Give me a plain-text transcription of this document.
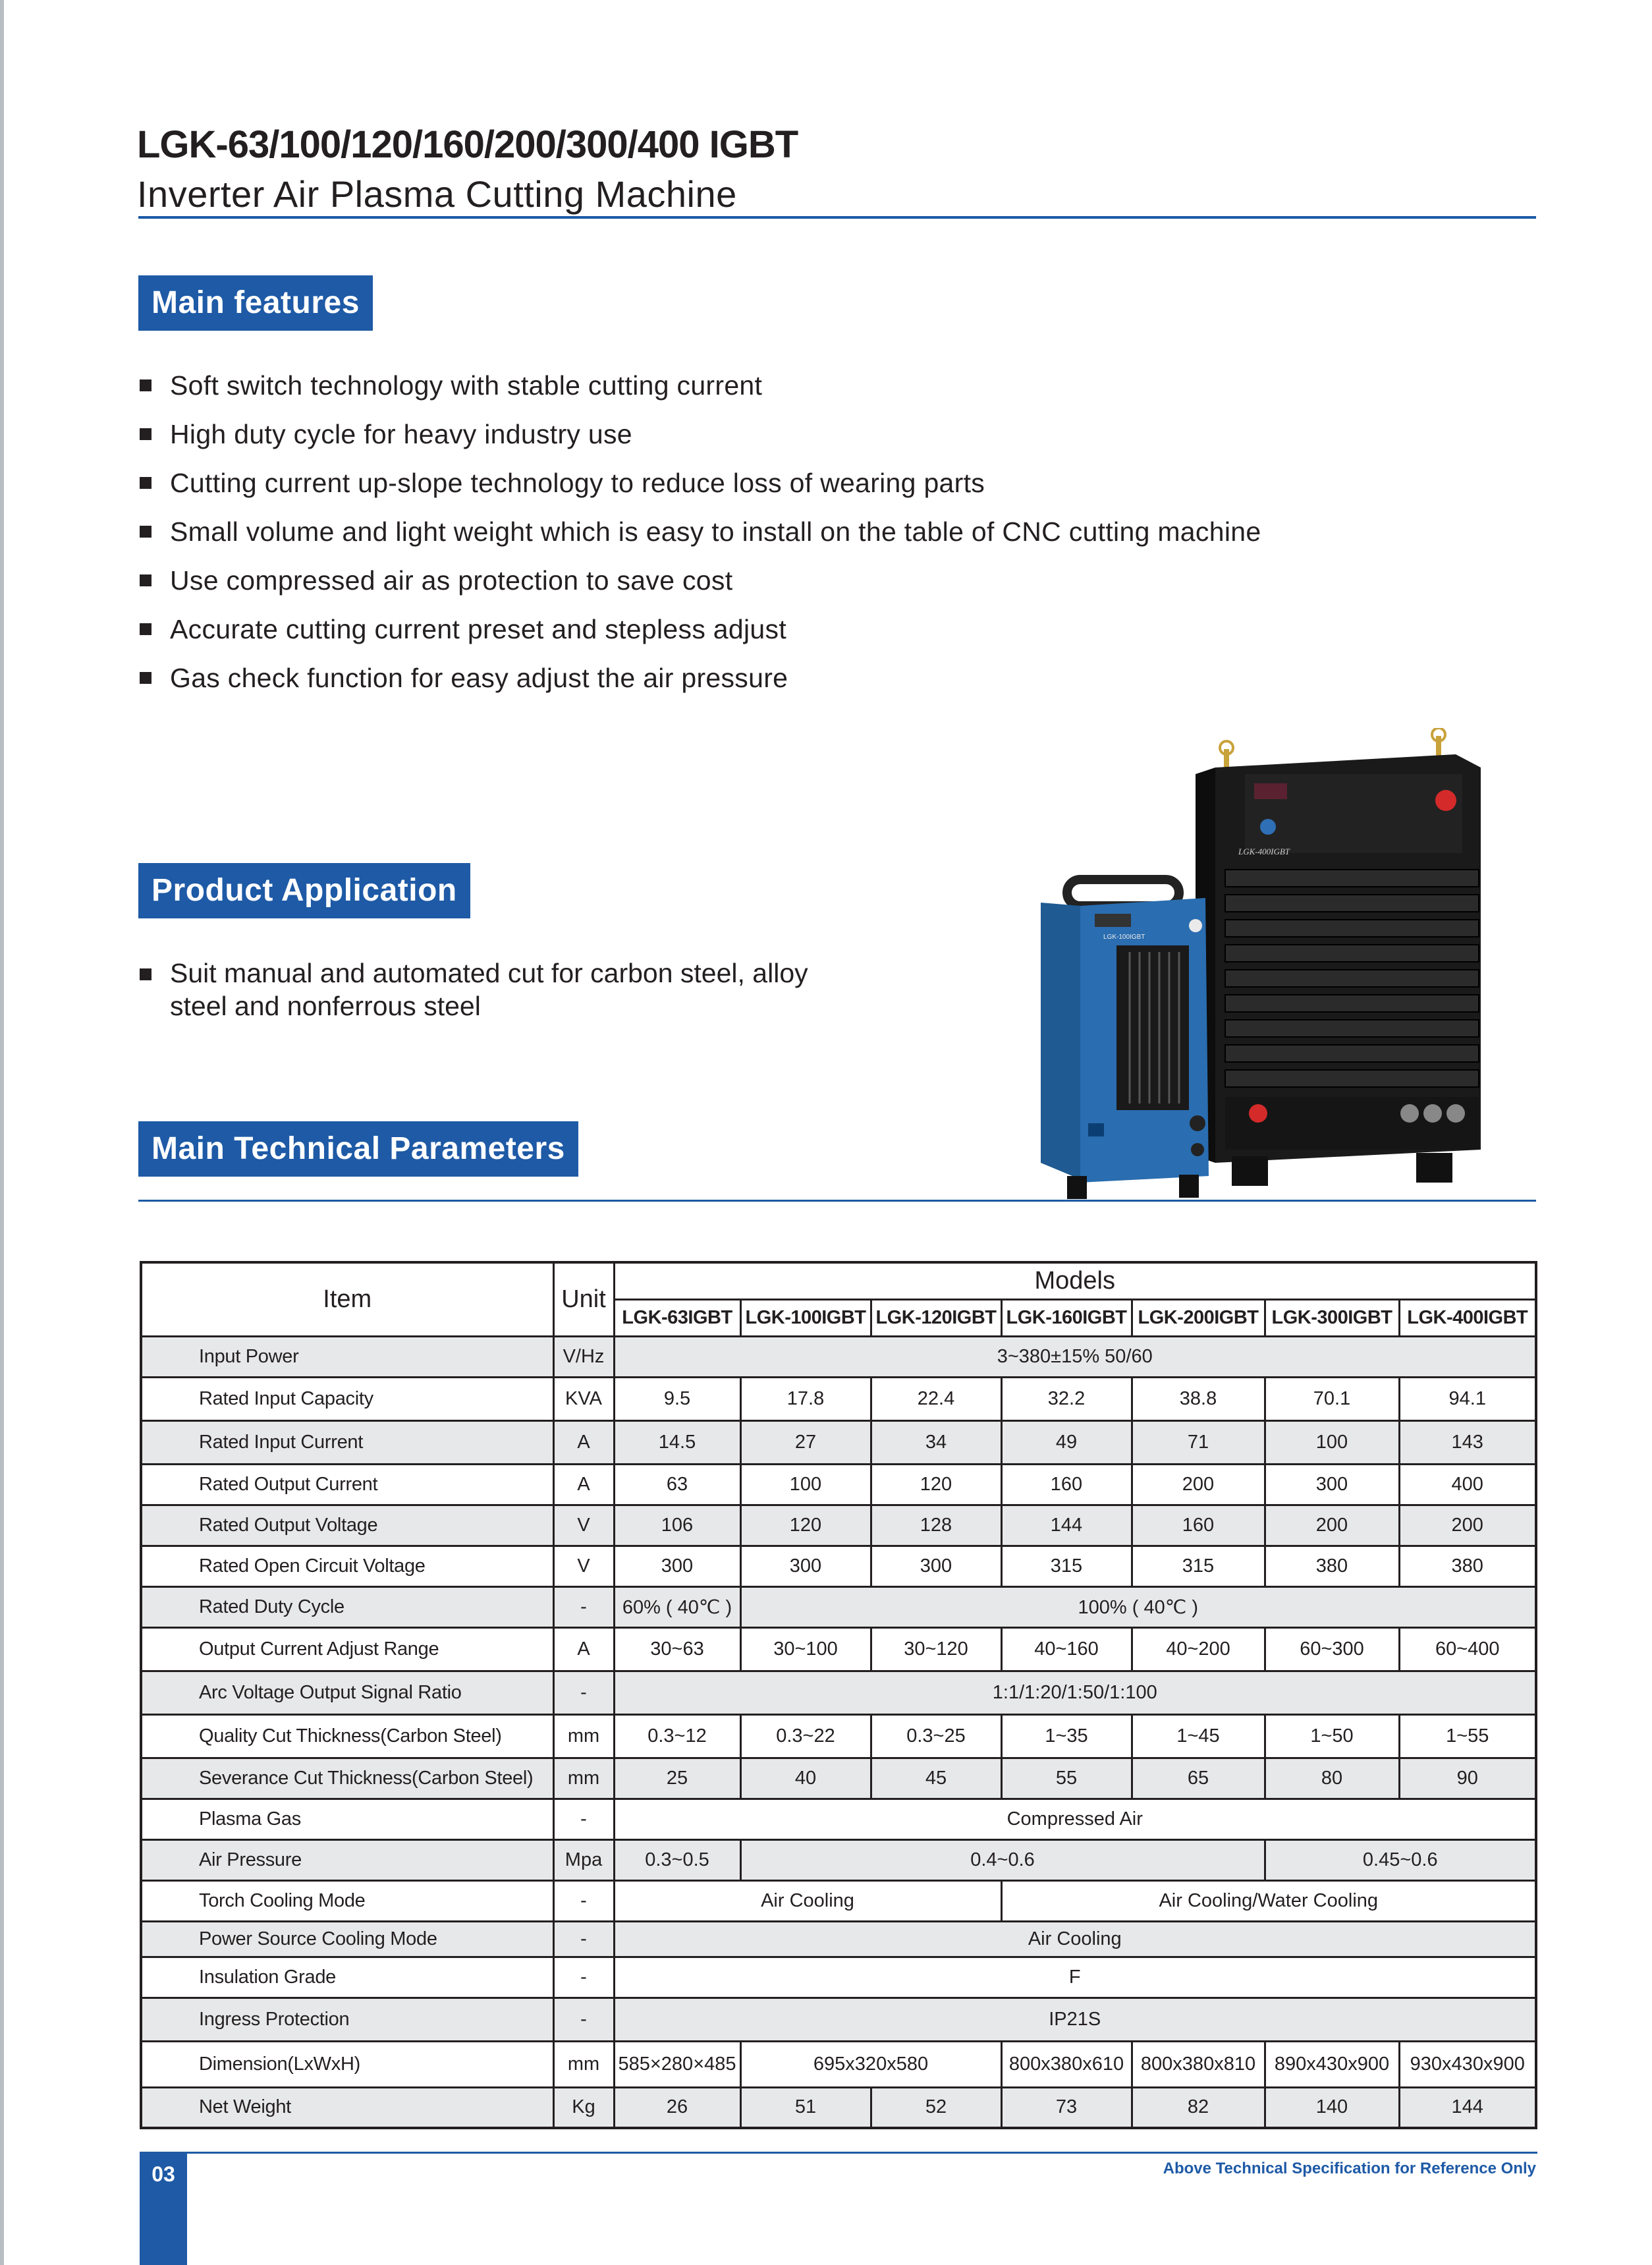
LGK-63/100/120/160/200/300/400 IGBT
Inverter Air Plasma Cutting Machine
Main features
Soft switch technology with stable cutting current
High duty cycle for heavy industry use
Cutting current up-slope technology to reduce loss of wearing parts
Small volume and light weight which is easy to install on the table of CNC cutting machine
Use compressed air as protection to save cost
Accurate cutting current preset and stepless adjust
Gas check function for easy adjust the air pressure
Product Application
Suit manual and automated cut for carbon steel, alloy
steel and nonferrous steel
LGK-400IGBT
LGK-100IGBT
Main Technical Parameters
Item	Unit	Models						
		LGK-63IGBT	LGK-100IGBT	LGK-120IGBT	LGK-160IGBT	LGK-200IGBT	LGK-300IGBT	LGK-400IGBT
Input Power	V/Hz	3~380±15% 50/60						
Rated Input Capacity	KVA	9.5	17.8	22.4	32.2	38.8	70.1	94.1
Rated Input Current	A	14.5	27	34	49	71	100	143
Rated Output Current	A	63	100	120	160	200	300	400
Rated Output Voltage	V	106	120	128	144	160	200	200
Rated Open Circuit Voltage	V	300	300	300	315	315	380	380
Rated Duty Cycle	-	60% ( 40℃ )	100% ( 40℃ )					
Output Current Adjust Range	A	30~63	30~100	30~120	40~160	40~200	60~300	60~400
Arc Voltage Output Signal Ratio	-	1:1/1:20/1:50/1:100						
Quality Cut Thickness(Carbon Steel)	mm	0.3~12	0.3~22	0.3~25	1~35	1~45	1~50	1~55
Severance Cut Thickness(Carbon Steel)	mm	25	40	45	55	65	80	90
Plasma Gas	-	Compressed Air						
Air Pressure	Mpa	0.3~0.5	0.4~0.6				0.45~0.6	
Torch Cooling Mode	-	Air Cooling			Air Cooling/Water Cooling			
Power Source Cooling Mode	-	Air Cooling						
Insulation Grade	-	F						
Ingress Protection	-	IP21S						
Dimension(LxWxH)	mm	585×280×485	695x320x580		800x380x610	800x380x810	890x430x900	930x430x900
Net Weight	Kg	26	51	52	73	82	140	144
03	Above Technical Specification for Reference Only
